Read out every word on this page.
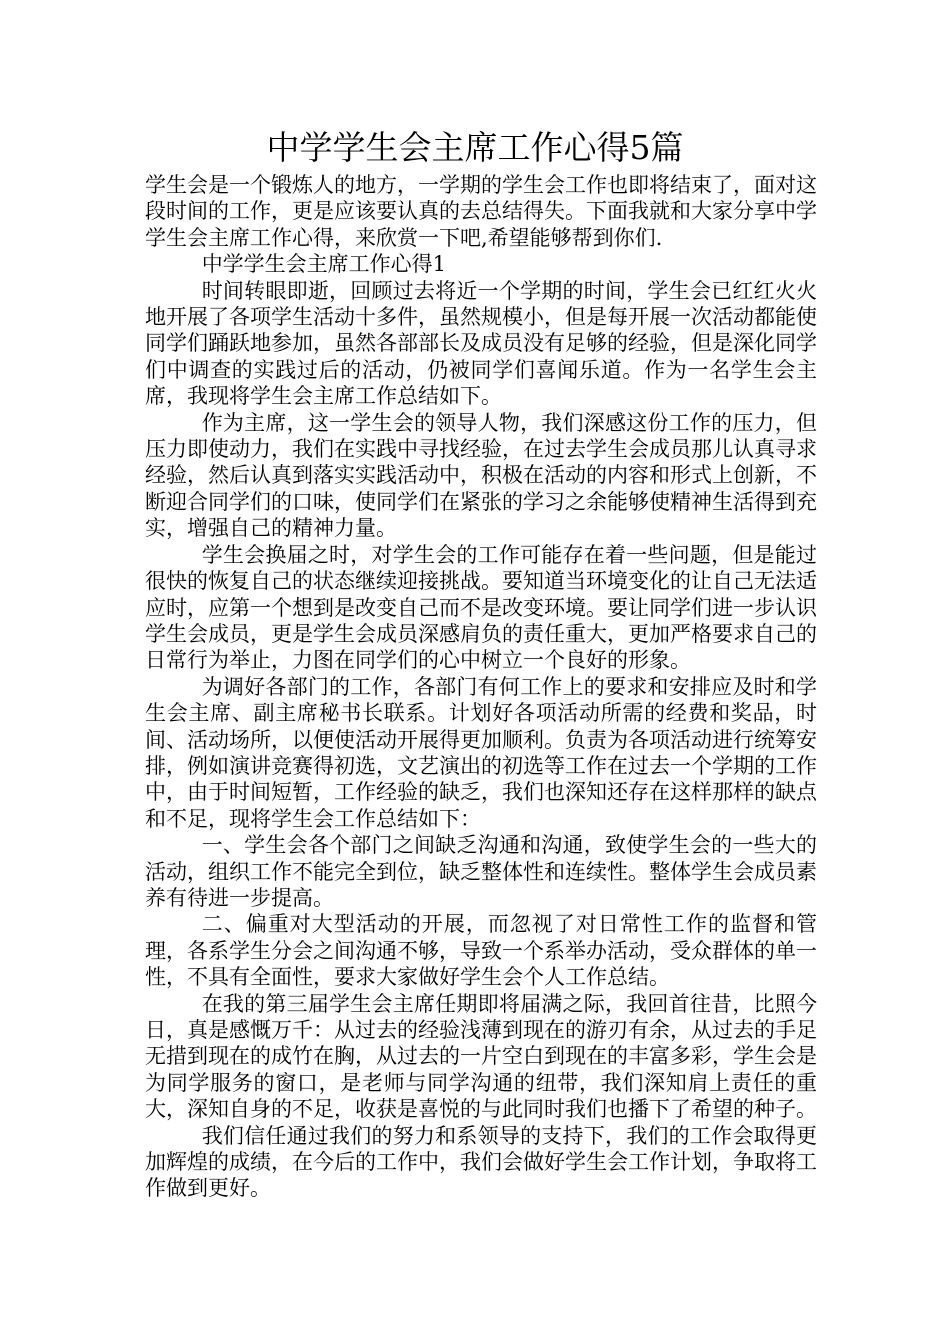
中学学生会主席工作心得5篇

学生会是一个锻炼人的地方，一学期的学生会工作也即将结束了，面对这段时间的工作，更是应该要认真的去总结得失。下面我就和大家分享中学学生会主席工作心得，来欣赏一下吧,希望能够帮到你们.

中学学生会主席工作心得1

时间转眼即逝，回顾过去将近一个学期的时间，学生会已红红火火地开展了各项学生活动十多件，虽然规模小，但是每开展一次活动都能使同学们踊跃地参加，虽然各部部长及成员没有足够的经验，但是深化同学们中调查的实践过后的活动，仍被同学们喜闻乐道。作为一名学生会主席，我现将学生会主席工作总结如下。

作为主席，这一学生会的领导人物，我们深感这份工作的压力，但压力即使动力，我们在实践中寻找经验，在过去学生会成员那儿认真寻求经验，然后认真到落实实践活动中，积极在活动的内容和形式上创新，不断迎合同学们的口味，使同学们在紧张的学习之余能够使精神生活得到充实，增强自己的精神力量。

学生会换届之时，对学生会的工作可能存在着一些问题，但是能过很快的恢复自己的状态继续迎接挑战。要知道当环境变化的让自己无法适应时，应第一个想到是改变自己而不是改变环境。要让同学们进一步认识学生会成员，更是学生会成员深感肩负的责任重大，更加严格要求自己的日常行为举止，力图在同学们的心中树立一个良好的形象。

为调好各部门的工作，各部门有何工作上的要求和安排应及时和学生会主席、副主席秘书长联系。计划好各项活动所需的经费和奖品，时间、活动场所，以便使活动开展得更加顺利。负责为各项活动进行统筹安排，例如演讲竞赛得初选，文艺演出的初选等工作在过去一个学期的工作中，由于时间短暂，工作经验的缺乏，我们也深知还存在这样那样的缺点和不足，现将学生会工作总结如下：

一、学生会各个部门之间缺乏沟通和沟通，致使学生会的一些大的活动，组织工作不能完全到位，缺乏整体性和连续性。整体学生会成员素养有待进一步提高。

二、偏重对大型活动的开展，而忽视了对日常性工作的监督和管理，各系学生分会之间沟通不够，导致一个系举办活动，受众群体的单一性，不具有全面性，要求大家做好学生会个人工作总结。

在我的第三届学生会主席任期即将届满之际，我回首往昔，比照今日，真是感慨万千：从过去的经验浅薄到现在的游刃有余，从过去的手足无措到现在的成竹在胸，从过去的一片空白到现在的丰富多彩，学生会是为同学服务的窗口，是老师与同学沟通的纽带，我们深知肩上责任的重大，深知自身的不足，收获是喜悦的与此同时我们也播下了希望的种子。

我们信任通过我们的努力和系领导的支持下，我们的工作会取得更加辉煌的成绩，在今后的工作中，我们会做好学生会工作计划，争取将工作做到更好。
